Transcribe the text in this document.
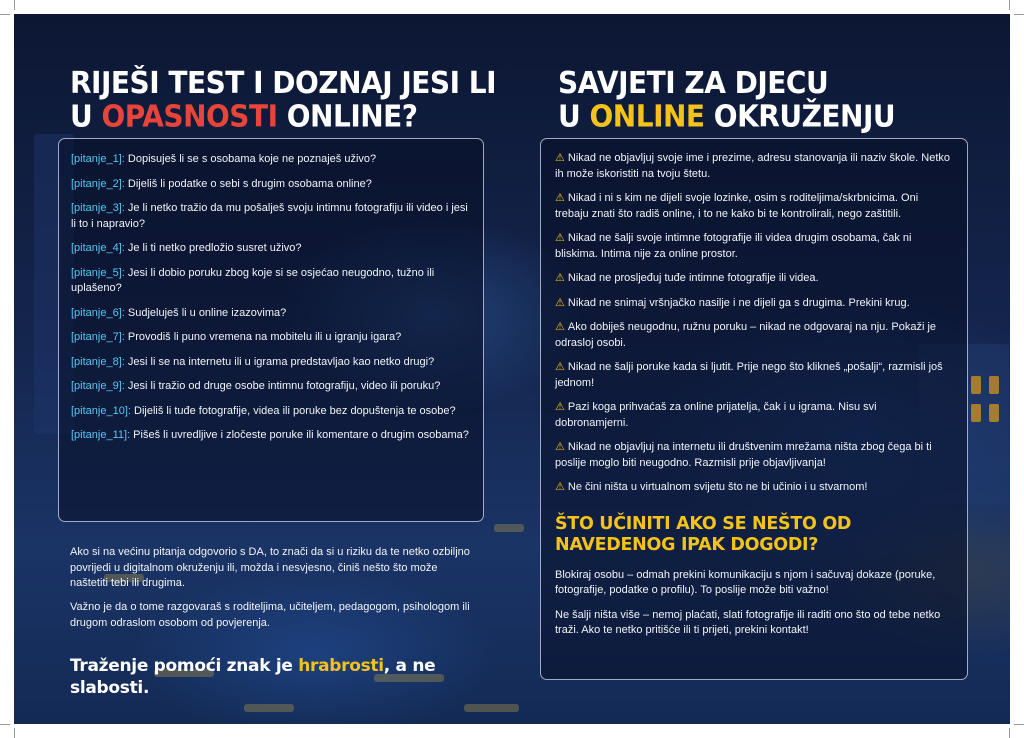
RIJEŠI TEST I DOZNAJ JESI LI
U OPASNOSTI ONLINE?

[pitanje_1]: Dopisuješ li se s osobama koje ne poznaješ uživo?

[pitanje_2]: Dijeliš li podatke o sebi s drugim osobama online?

[pitanje_3]: Je li netko tražio da mu pošalješ svoju intimnu fotografiju ili video i jesi li to i napravio?

[pitanje_4]: Je li ti netko predložio susret uživo?

[pitanje_5]: Jesi li dobio poruku zbog koje si se osjećao neugodno, tužno ili uplašeno?

[pitanje_6]: Sudjeluješ li u online izazovima?

[pitanje_7]: Provodiš li puno vremena na mobitelu ili u igranju igara?

[pitanje_8]: Jesi li se na internetu ili u igrama predstavljao kao netko drugi?

[pitanje_9]: Jesi li tražio od druge osobe intimnu fotografiju, video ili poruku?

[pitanje_10]: Dijeliš li tuđe fotografije, videa ili poruke bez dopuštenja te osobe?

[pitanje_11]: Pišeš li uvredljive i zločeste poruke ili komentare o drugim osobama?

Ako si na većinu pitanja odgovorio s DA, to znači da si u riziku da te netko ozbiljno povrijedi u digitalnom okruženju ili, možda i nesvjesno, činiš nešto što može naštetiti tebi ili drugima.

Važno je da o tome razgovaraš s roditeljima, učiteljem, pedagogom, psihologom ili drugom odraslom osobom od povjerenja.

Traženje pomoći znak je hrabrosti, a ne slabosti.

SAVJETI ZA DJECU
U ONLINE OKRUŽENJU

⚠ Nikad ne objavljuj svoje ime i prezime, adresu stanovanja ili naziv škole. Netko ih može iskoristiti na tvoju štetu.

⚠ Nikad i ni s kim ne dijeli svoje lozinke, osim s roditeljima/skrbnicima. Oni trebaju znati što radiš online, i to ne kako bi te kontrolirali, nego zaštitili.

⚠ Nikad ne šalji svoje intimne fotografije ili videa drugim osobama, čak ni bliskima. Intima nije za online prostor.

⚠ Nikad ne prosljeđuj tuđe intimne fotografije ili videa.

⚠ Nikad ne snimaj vršnjačko nasilje i ne dijeli ga s drugima. Prekini krug.

⚠ Ako dobiješ neugodnu, ružnu poruku – nikad ne odgovaraj na nju. Pokaži je odrasloj osobi.

⚠ Nikad ne šalji poruke kada si ljutit. Prije nego što klikneš „pošalji“, razmisli još jednom!

⚠ Pazi koga prihvaćaš za online prijatelja, čak i u igrama. Nisu svi dobronamjerni.

⚠ Nikad ne objavljuj na internetu ili društvenim mrežama ništa zbog čega bi ti poslije moglo biti neugodno. Razmisli prije objavljivanja!

⚠ Ne čini ništa u virtualnom svijetu što ne bi učinio i u stvarnom!

ŠTO UČINITI AKO SE NEŠTO OD
NAVEDENOG IPAK DOGODI?

Blokiraj osobu – odmah prekini komunikaciju s njom i sačuvaj dokaze (poruke, fotografije, podatke o profilu). To poslije može biti važno!

Ne šalji ništa više – nemoj plaćati, slati fotografije ili raditi ono što od tebe netko traži. Ako te netko pritišće ili ti prijeti, prekini kontakt!
